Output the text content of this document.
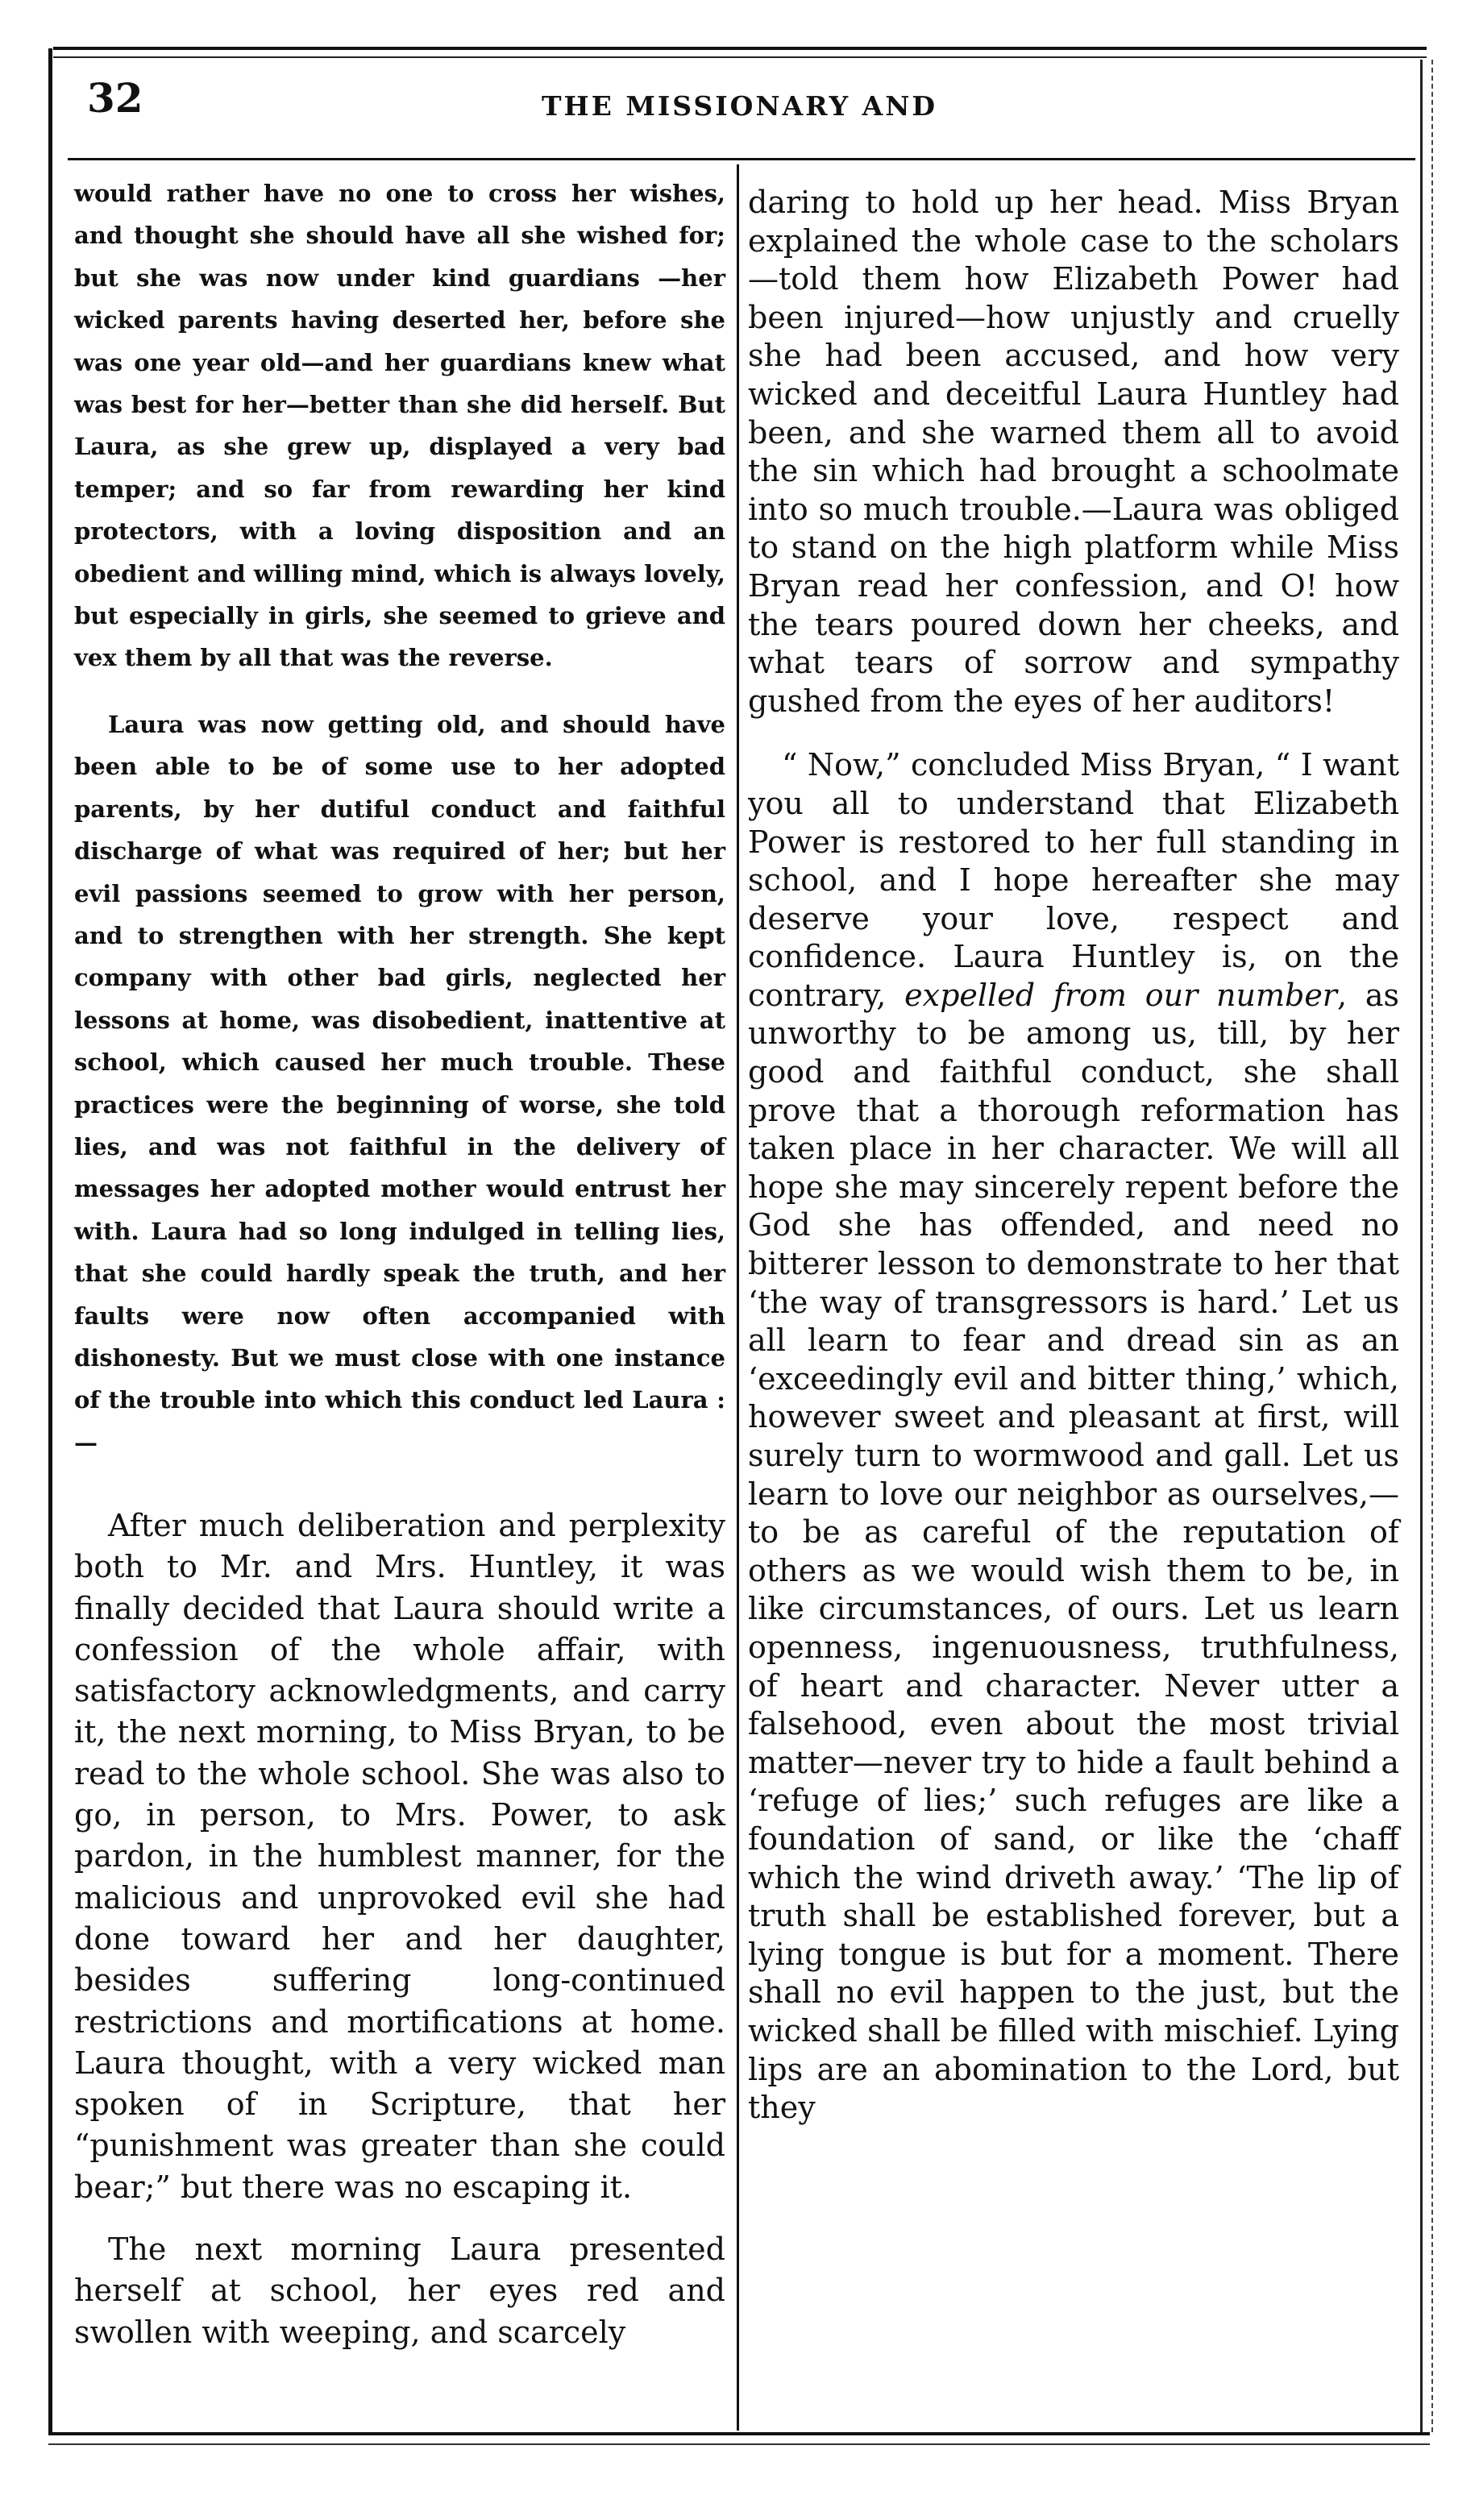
32	THE MISSIONARY AND

would rather have no one to cross her wishes, and thought she should have all she wished for; but she was now under kind guardians —her wicked parents having deserted her, before she was one year old—and her guardians knew what was best for her—better than she did herself. But Laura, as she grew up, displayed a very bad temper; and so far from rewarding her kind protectors, with a loving disposition and an obedient and willing mind, which is always lovely, but especially in girls, she seemed to grieve and vex them by all that was the reverse.

Laura was now getting old, and should have been able to be of some use to her adopted parents, by her dutiful conduct and faithful discharge of what was required of her; but her evil passions seemed to grow with her person, and to strengthen with her strength. She kept company with other bad girls, neglected her lessons at home, was disobedient, inattentive at school, which caused her much trouble. These practices were the beginning of worse, she told lies, and was not faithful in the delivery of messages her adopted mother would entrust her with. Laura had so long indulged in telling lies, that she could hardly speak the truth, and her faults were now often accompanied with dishonesty. But we must close with one instance of the trouble into which this conduct led Laura :—

After much deliberation and perplexity both to Mr. and Mrs. Huntley, it was finally decided that Laura should write a confession of the whole affair, with satisfactory acknowledgments, and carry it, the next morning, to Miss Bryan, to be read to the whole school. She was also to go, in person, to Mrs. Power, to ask pardon, in the humblest manner, for the malicious and unprovoked evil she had done toward her and her daughter, besides suffering long-continued restrictions and mortifications at home. Laura thought, with a very wicked man spoken of in Scripture, that her “punishment was greater than she could bear;” but there was no escaping it.

The next morning Laura presented herself at school, her eyes red and swollen with weeping, and scarcely

daring to hold up her head. Miss Bryan explained the whole case to the scholars—told them how Elizabeth Power had been injured—how unjustly and cruelly she had been accused, and how very wicked and deceitful Laura Huntley had been, and she warned them all to avoid the sin which had brought a schoolmate into so much trouble.—Laura was obliged to stand on the high platform while Miss Bryan read her confession, and O! how the tears poured down her cheeks, and what tears of sorrow and sympathy gushed from the eyes of her auditors!

“ Now,” concluded Miss Bryan, “ I want you all to understand that Elizabeth Power is restored to her full standing in school, and I hope hereafter she may deserve your love, respect and confidence. Laura Huntley is, on the contrary, expelled from our number, as unworthy to be among us, till, by her good and faithful conduct, she shall prove that a thorough reformation has taken place in her character. We will all hope she may sincerely repent before the God she has offended, and need no bitterer lesson to demonstrate to her that ‘the way of transgressors is hard.’ Let us all learn to fear and dread sin as an ‘exceedingly evil and bitter thing,’ which, however sweet and pleasant at first, will surely turn to wormwood and gall. Let us learn to love our neighbor as ourselves,—to be as careful of the reputation of others as we would wish them to be, in like circumstances, of ours. Let us learn openness, ingenuousness, truthfulness, of heart and character. Never utter a falsehood, even about the most trivial matter—never try to hide a fault behind a ‘refuge of lies;’ such refuges are like a foundation of sand, or like the ‘chaff which the wind driveth away.’ ‘The lip of truth shall be established forever, but a lying tongue is but for a moment. There shall no evil happen to the just, but the wicked shall be filled with mischief. Lying lips are an abomination to the Lord, but they
